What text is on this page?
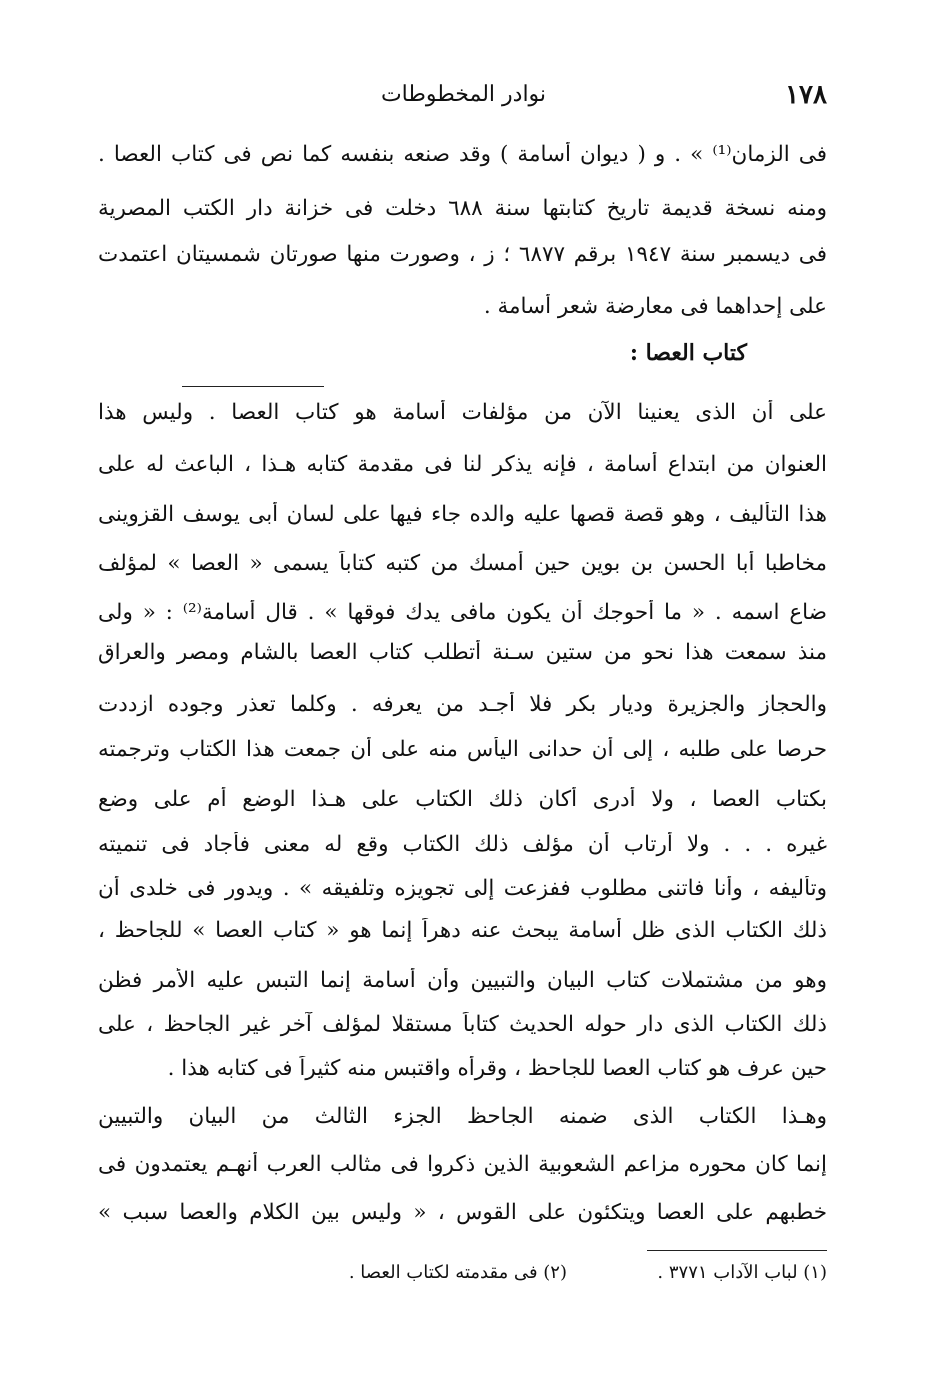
١٧٨
نوادر المخطوطات
فى الزمان⁽¹⁾ » . و ( ديوان أسامة ) وقد صنعه بنفسه كما نص فى كتاب العصا .
ومنه نسخة قديمة تاريخ كتابتها سنة ٦٨٨ دخلت فى خزانة دار الكتب المصرية
فى ديسمبر سنة ١٩٤٧ برقم ٦٨٧٧ ؛ ز ، وصورت منها صورتان شمسيتان اعتمدت
على إحداهما فى معارضة شعر أسامة .
كتاب العصا :
على أن الذى يعنينا الآن من مؤلفات أسامة هو كتاب العصا . وليس هذا
العنوان من ابتداع أسامة ، فإنه يذكر لنا فى مقدمة كتابه هـذا ، الباعث له على
هذا التأليف ، وهو قصة قصها عليه والده جاء فيها على لسان أبى يوسف القزوينى
مخاطبا أبا الحسن بن بوين حين أمسك من كتبه كتاباً يسمى « العصا » لمؤلف
ضاع اسمه . « ما أحوجك أن يكون مافى يدك فوقها » . قال أسامة⁽²⁾ : « ولى
منذ سمعت هذا نحو من ستين سـنة أتطلب كتاب العصا بالشام ومصر والعراق
والحجاز والجزيرة وديار بكر فلا أجـد من يعرفه . وكلما تعذر وجوده ازددت
حرصا على طلبه ، إلى أن حدانى اليأس منه على أن جمعت هذا الكتاب وترجمته
بكتاب العصا ، ولا أدرى أكان ذلك الكتاب على هـذا الوضع أم على وضع
غيره . . . ولا أرتاب أن مؤلف ذلك الكتاب وقع له معنى فأجاد فى تنميته
وتأليفه ، وأنا فاتنى مطلوب ففزعت إلى تجويزه وتلفيقه » . ويدور فى خلدى أن
ذلك الكتاب الذى ظل أسامة يبحث عنه دهراً إنما هو « كتاب العصا » للجاحظ ،
وهو من مشتملات كتاب البيان والتبيين وأن أسامة إنما التبس عليه الأمر فظن
ذلك الكتاب الذى دار حوله الحديث كتاباً مستقلا لمؤلف آخر غير الجاحظ ، على
حين عرف هو كتاب العصا للجاحظ ، وقرأه واقتبس منه كثيراً فى كتابه هذا .
وهـذا الكتاب الذى ضمنه الجاحظ الجزء الثالث من البيان والتبيين
إنما كان محوره مزاعم الشعوبية الذين ذكروا فى مثالب العرب أنهـم يعتمدون فى
خطبهم على العصا ويتكئون على القوس ، « وليس بين الكلام والعصا سبب »
(١) لباب الآداب ٣٧٧١ .
(٢) فى مقدمته لكتاب العصا .
